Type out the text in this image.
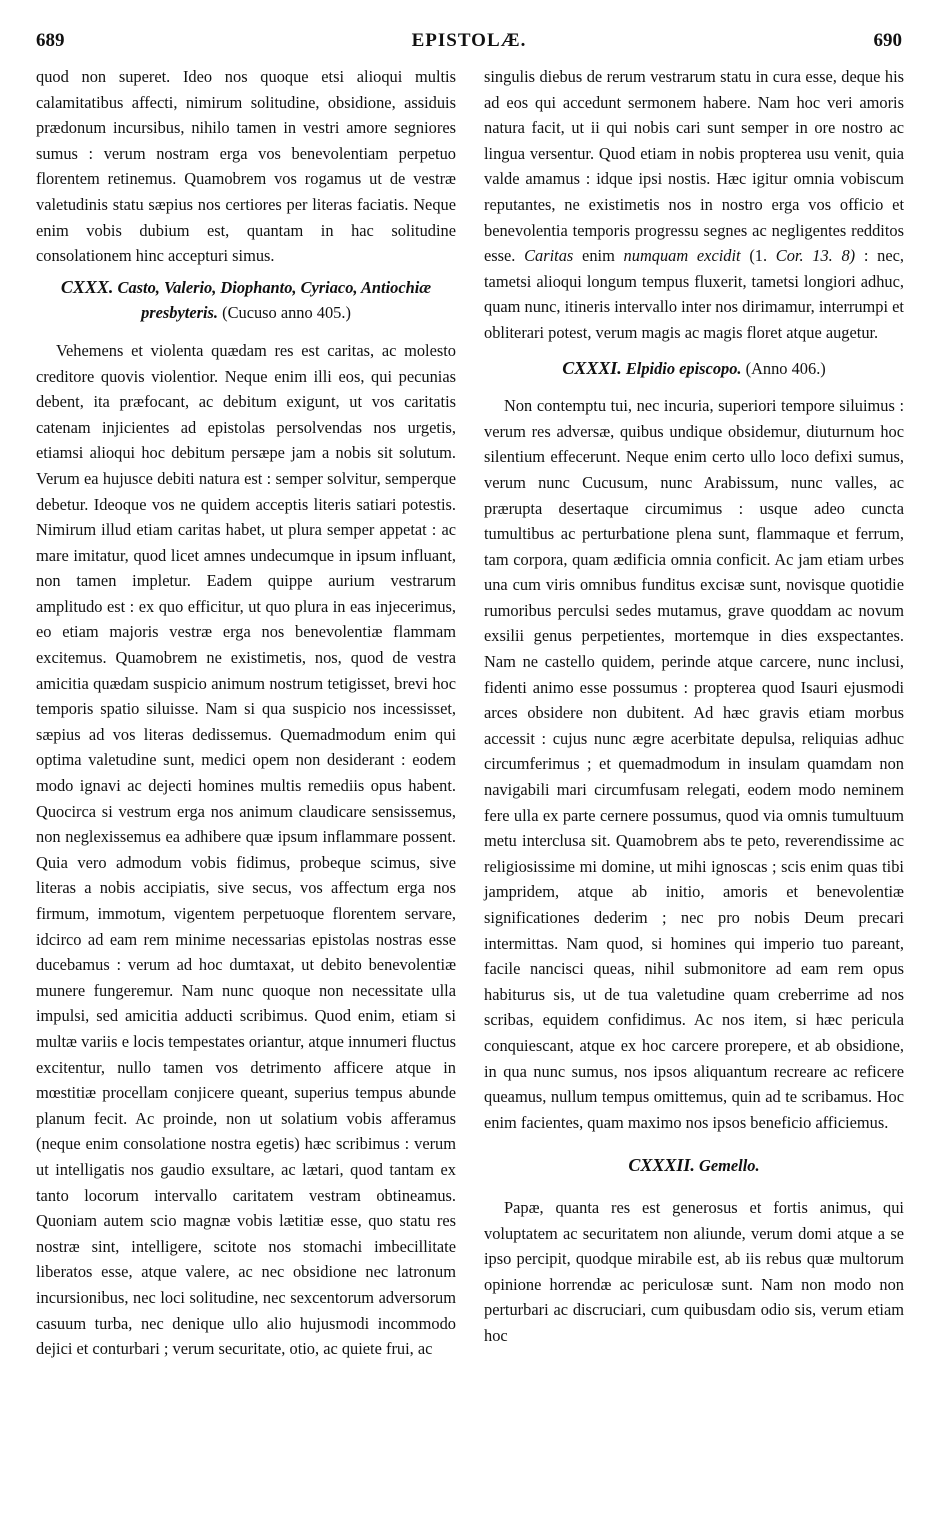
689	EPISTOLÆ.	690

quod non superet. Ideo nos quoque etsi alioqui multis calamitatibus affecti, nimirum solitudine, obsidione, assiduis prædonum incursibus, nihilo tamen in vestri amore segniores sumus : verum nostram erga vos benevolentiam perpetuo florentem retinemus. Quamobrem vos rogamus ut de vestræ valetudinis statu sæpius nos certiores per literas faciatis. Neque enim vobis dubium est, quantam in hac solitudine consolationem hinc accepturi simus.

CXXX. Casto, Valerio, Diophanto, Cyriaco, Antiochiæ presbyteris. (Cucuso anno 405.)

Vehemens et violenta quædam res est caritas, ac molesto creditore quovis violentior. Neque enim illi eos, qui pecunias debent, ita præfocant, ac debitum exigunt, ut vos caritatis catenam injicientes ad epistolas persolvendas nos urgetis, etiamsi alioqui hoc debitum persæpe jam a nobis sit solutum. Verum ea hujusce debiti natura est : semper solvitur, semperque debetur. Ideoque vos ne quidem acceptis literis satiari potestis. Nimirum illud etiam caritas habet, ut plura semper appetat : ac mare imitatur, quod licet amnes undecumque in ipsum influant, non tamen impletur. Eadem quippe aurium vestrarum amplitudo est : ex quo efficitur, ut quo plura in eas injecerimus, eo etiam majoris vestræ erga nos benevolentiæ flammam excitemus. Quamobrem ne existimetis, nos, quod de vestra amicitia quædam suspicio animum nostrum tetigisset, brevi hoc temporis spatio siluisse. Nam si qua suspicio nos incessisset, sæpius ad vos literas dedissemus. Quemadmodum enim qui optima valetudine sunt, medici opem non desiderant : eodem modo ignavi ac dejecti homines multis remediis opus habent. Quocirca si vestrum erga nos animum claudicare sensissemus, non neglexissemus ea adhibere quæ ipsum inflammare possent. Quia vero admodum vobis fidimus, probeque scimus, sive literas a nobis accipiatis, sive secus, vos affectum erga nos firmum, immotum, vigentem perpetuoque florentem servare, idcirco ad eam rem minime necessarias epistolas nostras esse ducebamus : verum ad hoc dumtaxat, ut debito benevolentiæ munere fungeremur. Nam nunc quoque non necessitate ulla impulsi, sed amicitia adducti scribimus. Quod enim, etiam si multæ variis e locis tempestates oriantur, atque innumeri fluctus excitentur, nullo tamen vos detrimento afficere atque in mœstitiæ procellam conjicere queant, superius tempus abunde planum fecit. Ac proinde, non ut solatium vobis afferamus (neque enim consolatione nostra egetis) hæc scribimus : verum ut intelligatis nos gaudio exsultare, ac lætari, quod tantam ex tanto locorum intervallo caritatem vestram obtineamus. Quoniam autem scio magnæ vobis lætitiæ esse, quo statu res nostræ sint, intelligere, scitote nos stomachi imbecillitate liberatos esse, atque valere, ac nec obsidione nec latronum incursionibus, nec loci solitudine, nec sexcentorum adversorum casuum turba, nec denique ullo alio hujusmodi incommodo dejici et conturbari ; verum securitate, otio, ac quiete frui, ac

singulis diebus de rerum vestrarum statu in cura esse, deque his ad eos qui accedunt sermonem habere. Nam hoc veri amoris natura facit, ut ii qui nobis cari sunt semper in ore nostro ac lingua versentur. Quod etiam in nobis propterea usu venit, quia valde amamus : idque ipsi nostis. Hæc igitur omnia vobiscum reputantes, ne existimetis nos in nostro erga vos officio et benevolentia temporis progressu segnes ac negligentes redditos esse. Caritas enim numquam excidit (1. Cor. 13. 8) : nec, tametsi alioqui longum tempus fluxerit, tametsi longiori adhuc, quam nunc, itineris intervallo inter nos dirimamur, interrumpi et obliterari potest, verum magis ac magis floret atque augetur.

CXXXI. Elpidio episcopo. (Anno 406.)

Non contemptu tui, nec incuria, superiori tempore siluimus : verum res adversæ, quibus undique obsidemur, diuturnum hoc silentium effecerunt. Neque enim certo ullo loco defixi sumus, verum nunc Cucusum, nunc Arabissum, nunc valles, ac prærupta desertaque circumimus : usque adeo cuncta tumultibus ac perturbatione plena sunt, flammaque et ferrum, tam corpora, quam ædificia omnia conficit. Ac jam etiam urbes una cum viris omnibus funditus excisæ sunt, novisque quotidie rumoribus perculsi sedes mutamus, grave quoddam ac novum exsilii genus perpetientes, mortemque in dies exspectantes. Nam ne castello quidem, perinde atque carcere, nunc inclusi, fidenti animo esse possumus : propterea quod Isauri ejusmodi arces obsidere non dubitent. Ad hæc gravis etiam morbus accessit : cujus nunc ægre acerbitate depulsa, reliquias adhuc circumferimus ; et quemadmodum in insulam quamdam non navigabili mari circumfusam relegati, eodem modo neminem fere ulla ex parte cernere possumus, quod via omnis tumultuum metu interclusa sit. Quamobrem abs te peto, reverendissime ac religiosissime mi domine, ut mihi ignoscas ; scis enim quas tibi jampridem, atque ab initio, amoris et benevolentiæ significationes dederim ; nec pro nobis Deum precari intermittas. Nam quod, si homines qui imperio tuo pareant, facile nancisci queas, nihil submonitore ad eam rem opus habiturus sis, ut de tua valetudine quam creberrime ad nos scribas, equidem confidimus. Ac nos item, si hæc pericula conquiescant, atque ex hoc carcere prorepere, et ab obsidione, in qua nunc sumus, nos ipsos aliquantum recreare ac reficere queamus, nullum tempus omittemus, quin ad te scribamus. Hoc enim facientes, quam maximo nos ipsos beneficio afficiemus.

CXXXII. Gemello.

Papæ, quanta res est generosus et fortis animus, qui voluptatem ac securitatem non aliunde, verum domi atque a se ipso percipit, quodque mirabile est, ab iis rebus quæ multorum opinione horrendæ ac periculosæ sunt. Nam non modo non perturbari ac discruciari, cum quibusdam odio sis, verum etiam hoc
